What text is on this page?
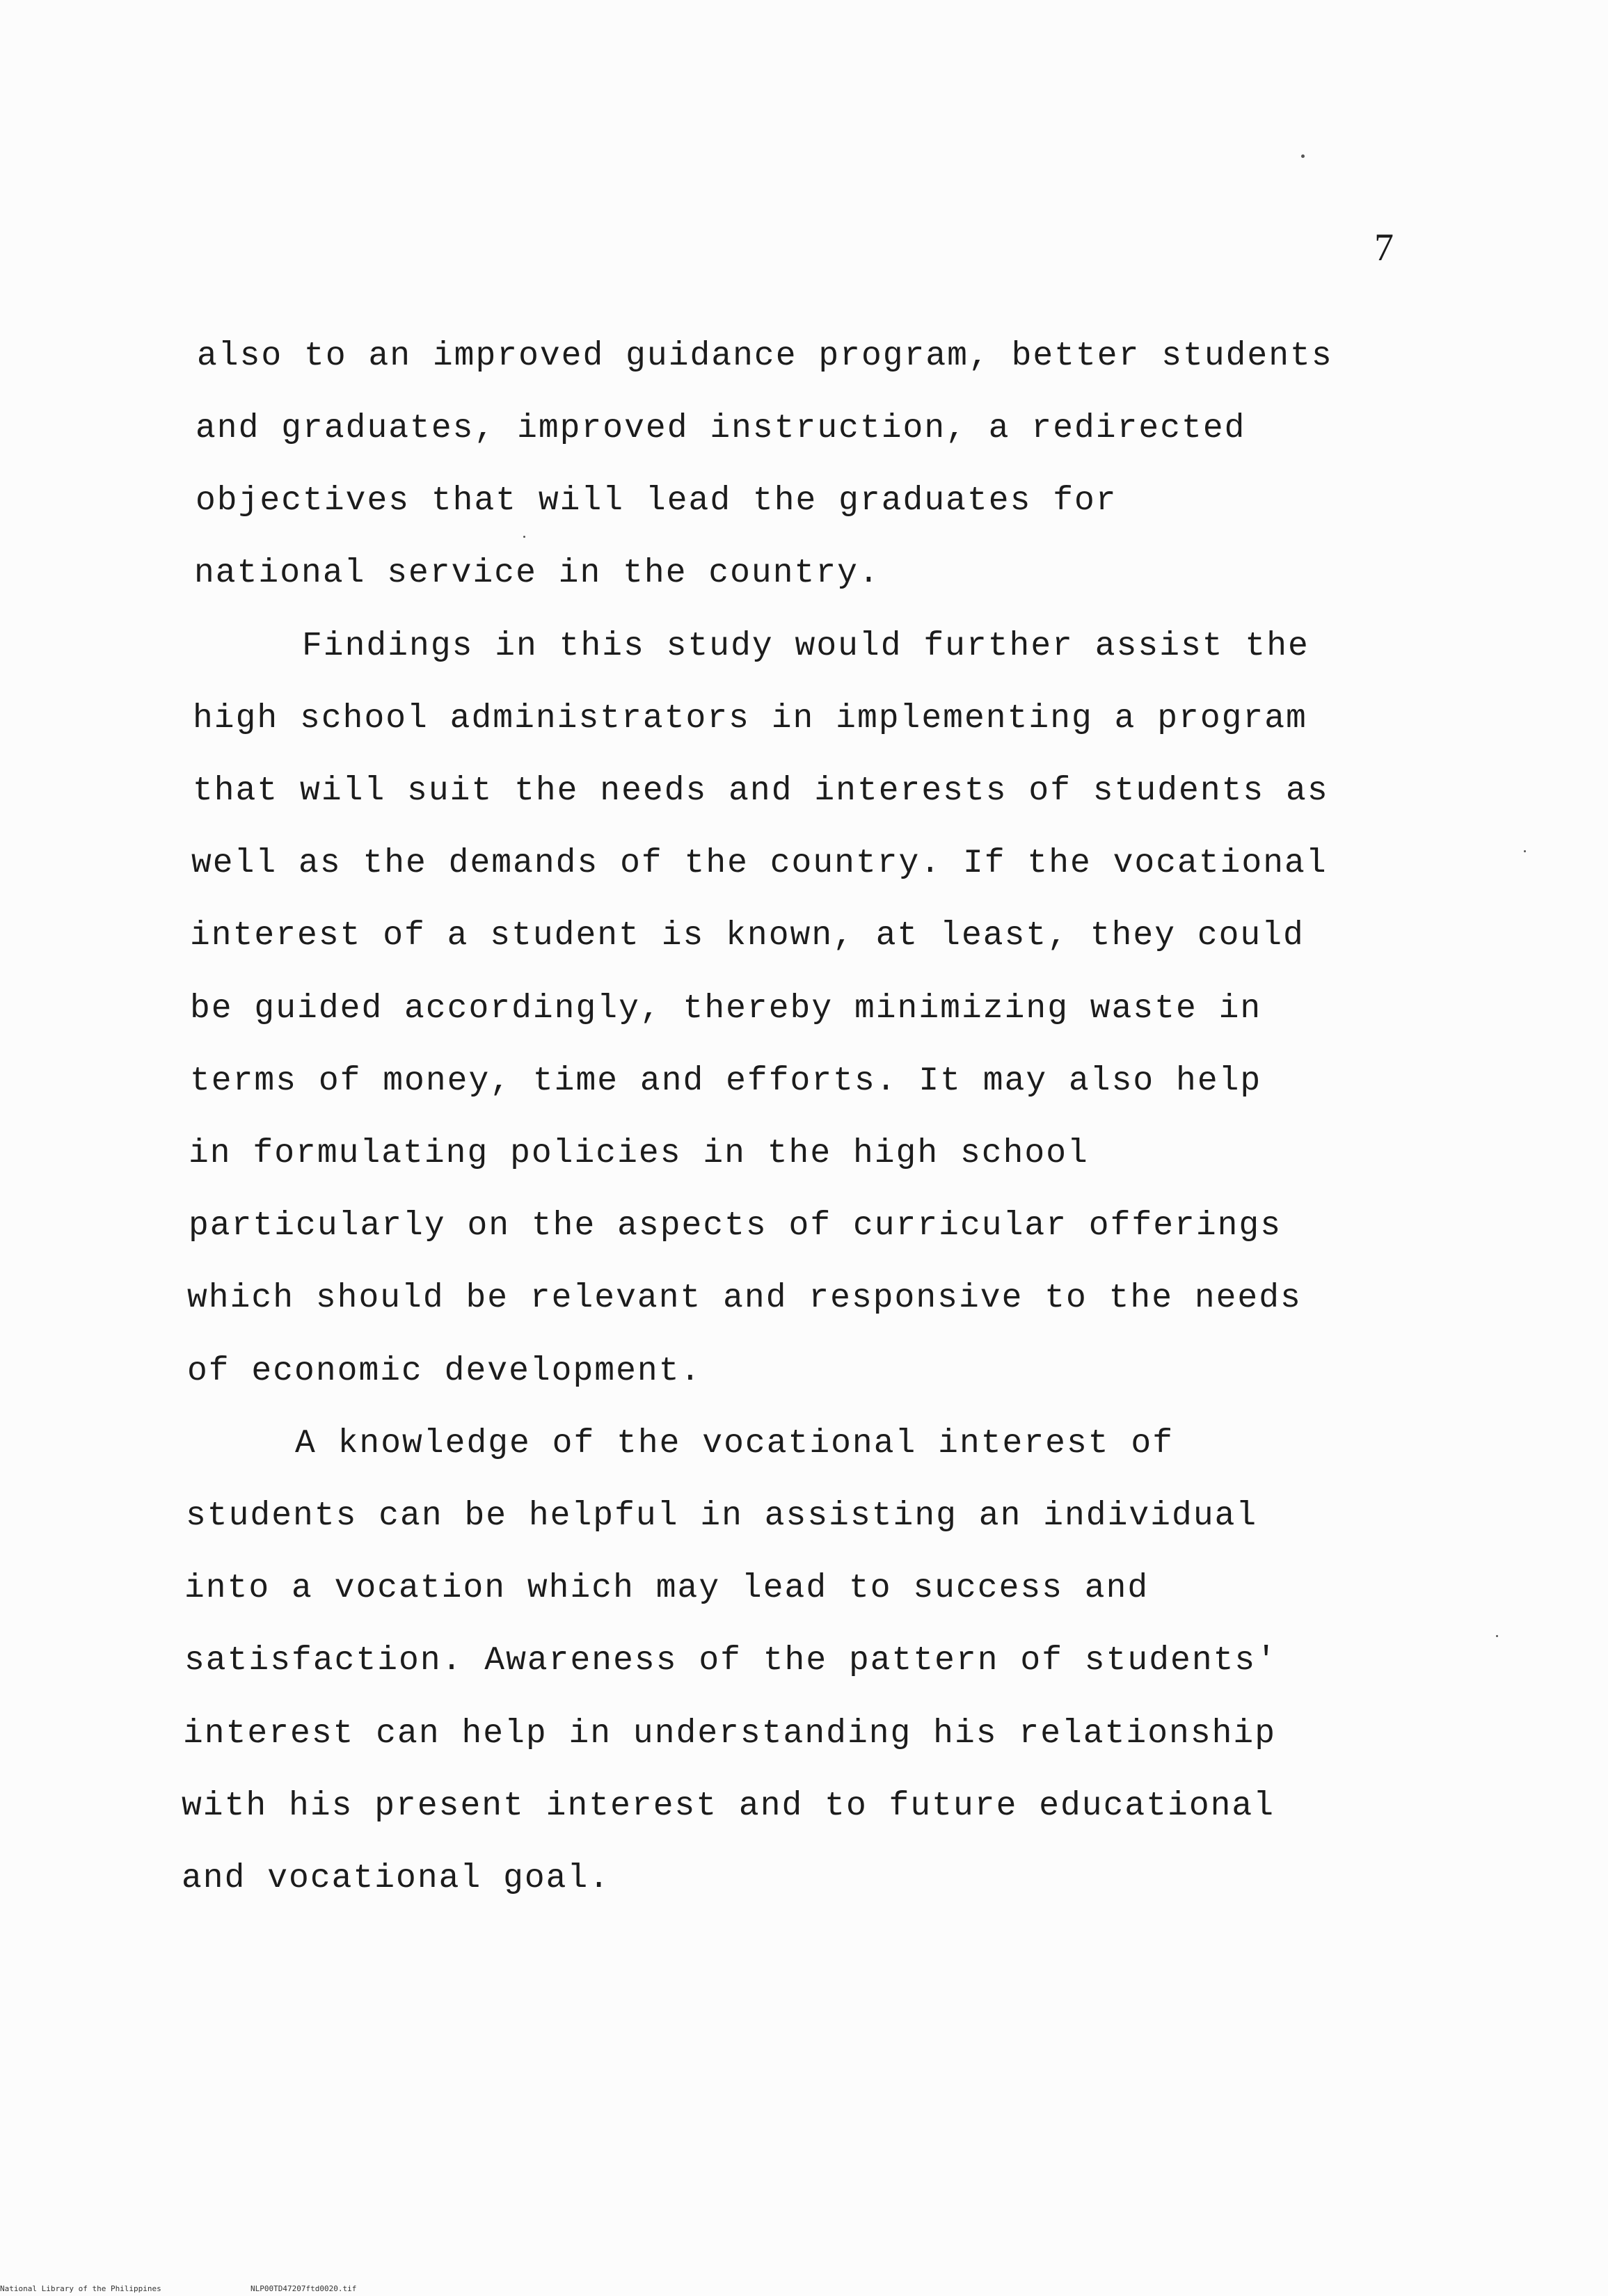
7
also to an improved guidance program, better students
and graduates, improved instruction, a redirected
objectives that will lead the graduates for
national service in the country.
Findings in this study would further assist the
high school administrators in implementing a program
that will suit the needs and interests of students as
well as the demands of the country. If the vocational
interest of a student is known, at least, they could
be guided accordingly, thereby minimizing waste in
terms of money, time and efforts. It may also help
in formulating policies in the high school
particularly on the aspects of curricular offerings
which should be relevant and responsive to the needs
of economic development.
A knowledge of the vocational interest of
students can be helpful in assisting an individual
into a vocation which may lead to success and
satisfaction. Awareness of the pattern of students'
interest can help in understanding his relationship
with his present interest and to future educational
and vocational goal.
National Library of the Philippines	NLP00TD47207ftd0020.tif
